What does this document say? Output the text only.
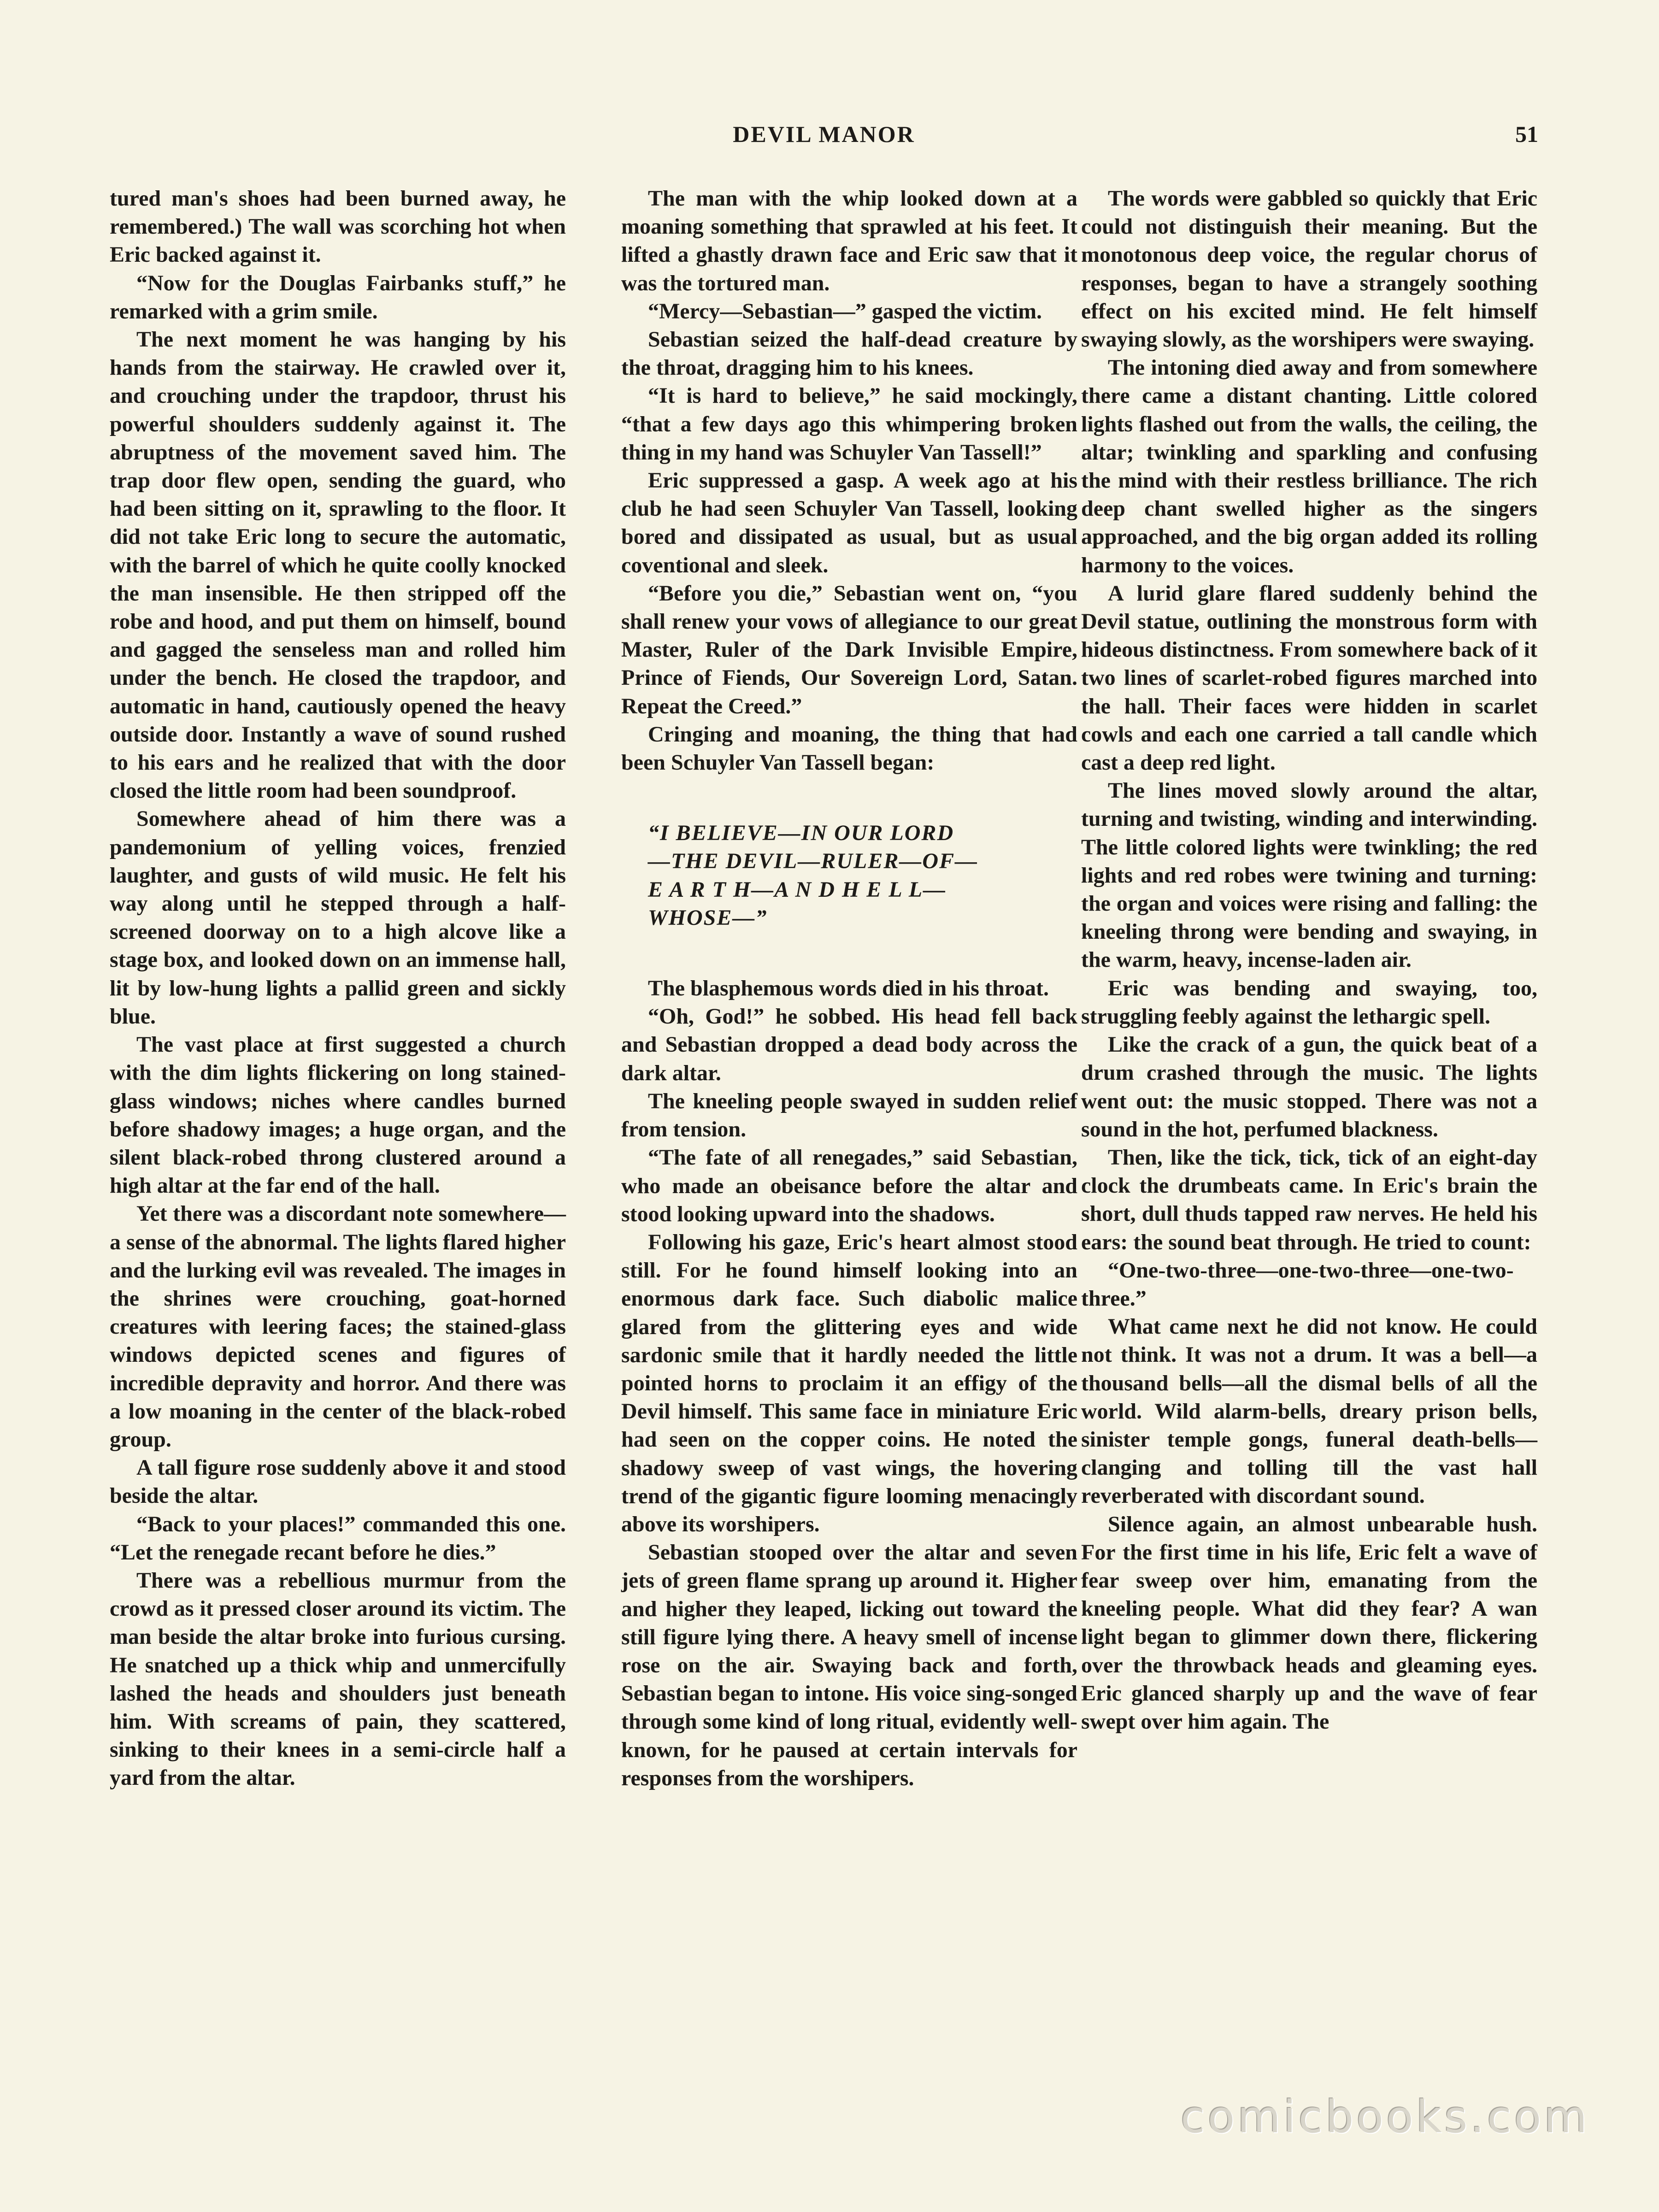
DEVIL MANOR	51

tured man's shoes had been burned away, he remembered.) The wall was scorching hot when Eric backed against it.

“Now for the Douglas Fairbanks stuff,” he remarked with a grim smile.

The next moment he was hanging by his hands from the stairway. He crawled over it, and crouching under the trapdoor, thrust his powerful shoulders suddenly against it. The abruptness of the movement saved him. The trap door flew open, sending the guard, who had been sitting on it, sprawling to the floor. It did not take Eric long to secure the automatic, with the barrel of which he quite coolly knocked the man insensible. He then stripped off the robe and hood, and put them on himself, bound and gagged the senseless man and rolled him under the bench. He closed the trapdoor, and automatic in hand, cautiously opened the heavy outside door. Instantly a wave of sound rushed to his ears and he realized that with the door closed the little room had been soundproof.

Somewhere ahead of him there was a pandemonium of yelling voices, frenzied laughter, and gusts of wild music. He felt his way along until he stepped through a half-screened doorway on to a high alcove like a stage box, and looked down on an immense hall, lit by low-hung lights a pallid green and sickly blue.

The vast place at first suggested a church with the dim lights flickering on long stained-glass windows; niches where candles burned before shadowy images; a huge organ, and the silent black-robed throng clustered around a high altar at the far end of the hall.

Yet there was a discordant note somewhere—a sense of the abnormal. The lights flared higher and the lurking evil was revealed. The images in the shrines were crouching, goat-horned creatures with leering faces; the stained-glass windows depicted scenes and figures of incredible depravity and horror. And there was a low moaning in the center of the black-robed group.

A tall figure rose suddenly above it and stood beside the altar.

“Back to your places!” commanded this one. “Let the renegade recant before he dies.”

There was a rebellious murmur from the crowd as it pressed closer around its victim. The man beside the altar broke into furious cursing. He snatched up a thick whip and unmercifully lashed the heads and shoulders just beneath him. With screams of pain, they scattered, sinking to their knees in a semi-circle half a yard from the altar.

The man with the whip looked down at a moaning something that sprawled at his feet. It lifted a ghastly drawn face and Eric saw that it was the tortured man.

“Mercy—Sebastian—” gasped the victim.

Sebastian seized the half-dead creature by the throat, dragging him to his knees.

“It is hard to believe,” he said mockingly, “that a few days ago this whimpering broken thing in my hand was Schuyler Van Tassell!”

Eric suppressed a gasp. A week ago at his club he had seen Schuyler Van Tassell, looking bored and dissipated as usual, but as usual coventional and sleek.

“Before you die,” Sebastian went on, “you shall renew your vows of allegiance to our great Master, Ruler of the Dark Invisible Empire, Prince of Fiends, Our Sovereign Lord, Satan. Repeat the Creed.”

Cringing and moaning, the thing that had been Schuyler Van Tassell began:

“I BELIEVE—IN OUR LORD
—THE DEVIL—RULER—OF—
E A R T H—A N D H E L L—
WHOSE—”

The blasphemous words died in his throat.

“Oh, God!” he sobbed. His head fell back and Sebastian dropped a dead body across the dark altar.

The kneeling people swayed in sudden relief from tension.

“The fate of all renegades,” said Sebastian, who made an obeisance before the altar and stood looking upward into the shadows.

Following his gaze, Eric's heart almost stood still. For he found himself looking into an enormous dark face. Such diabolic malice glared from the glittering eyes and wide sardonic smile that it hardly needed the little pointed horns to proclaim it an effigy of the Devil himself. This same face in miniature Eric had seen on the copper coins. He noted the shadowy sweep of vast wings, the hovering trend of the gigantic figure looming menacingly above its worshipers.

Sebastian stooped over the altar and seven jets of green flame sprang up around it. Higher and higher they leaped, licking out toward the still figure lying there. A heavy smell of incense rose on the air. Swaying back and forth, Sebastian began to intone. His voice sing-songed through some kind of long ritual, evidently well-known, for he paused at certain intervals for responses from the worshipers.

The words were gabbled so quickly that Eric could not distinguish their meaning. But the monotonous deep voice, the regular chorus of responses, began to have a strangely soothing effect on his excited mind. He felt himself swaying slowly, as the worshipers were swaying.

The intoning died away and from somewhere there came a distant chanting. Little colored lights flashed out from the walls, the ceiling, the altar; twinkling and sparkling and confusing the mind with their restless brilliance. The rich deep chant swelled higher as the singers approached, and the big organ added its rolling harmony to the voices.

A lurid glare flared suddenly behind the Devil statue, outlining the monstrous form with hideous distinctness. From somewhere back of it two lines of scarlet-robed figures marched into the hall. Their faces were hidden in scarlet cowls and each one carried a tall candle which cast a deep red light.

The lines moved slowly around the altar, turning and twisting, winding and interwinding. The little colored lights were twinkling; the red lights and red robes were twining and turning: the organ and voices were rising and falling: the kneeling throng were bending and swaying, in the warm, heavy, incense-laden air.

Eric was bending and swaying, too, struggling feebly against the lethargic spell.

Like the crack of a gun, the quick beat of a drum crashed through the music. The lights went out: the music stopped. There was not a sound in the hot, perfumed blackness.

Then, like the tick, tick, tick of an eight-day clock the drumbeats came. In Eric's brain the short, dull thuds tapped raw nerves. He held his ears: the sound beat through. He tried to count:

“One-two-three—one-two-three—one-two-three.”

What came next he did not know. He could not think. It was not a drum. It was a bell—a thousand bells—all the dismal bells of all the world. Wild alarm-bells, dreary prison bells, sinister temple gongs, funeral death-bells—clanging and tolling till the vast hall reverberated with discordant sound.

Silence again, an almost unbearable hush. For the first time in his life, Eric felt a wave of fear sweep over him, emanating from the kneeling people. What did they fear? A wan light began to glimmer down there, flickering over the throwback heads and gleaming eyes. Eric glanced sharply up and the wave of fear swept over him again. The

comicbooks.com
